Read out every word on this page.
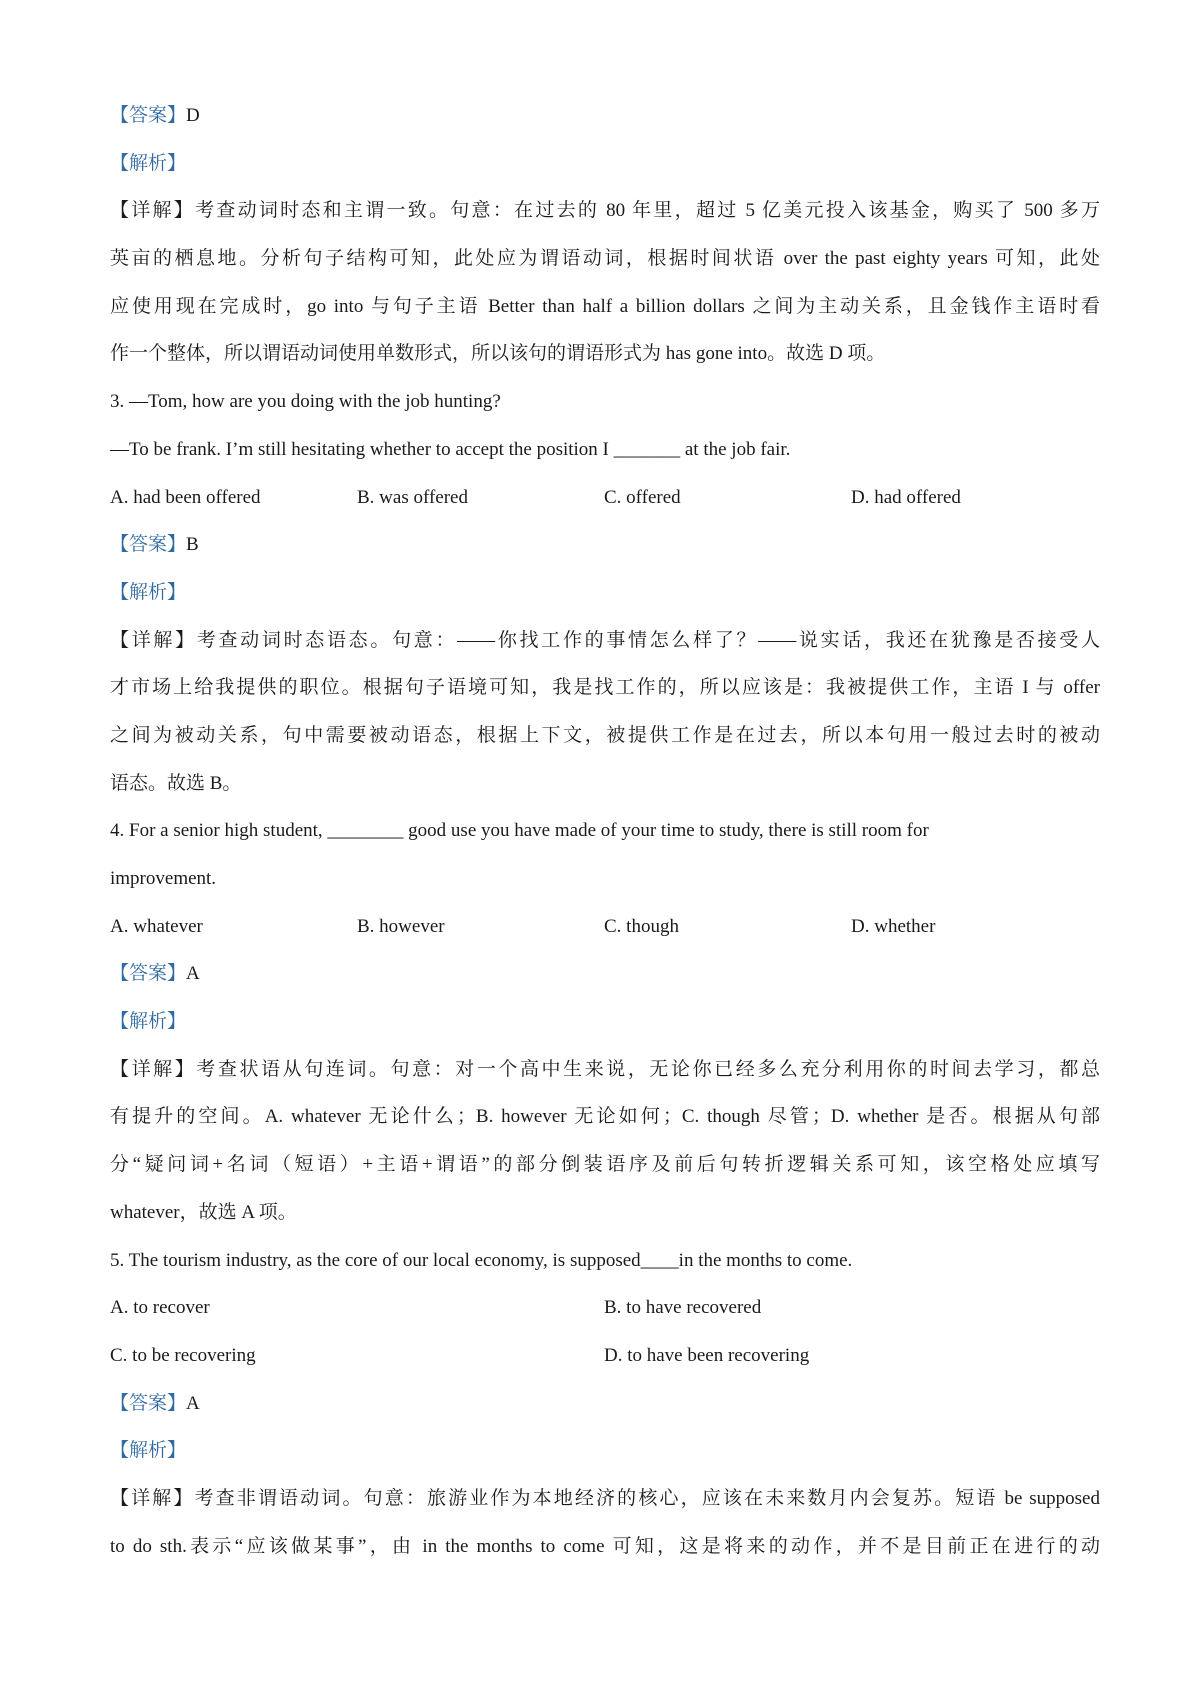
【答案】D
【解析】
【详解】考查动词时态和主谓一致。句意：在过去的 80 年里，超过 5 亿美元投入该基金，购买了 500 多万
英亩的栖息地。分析句子结构可知，此处应为谓语动词，根据时间状语 over the past eighty years 可知，此处
应使用现在完成时，go into 与句子主语 Better than half a billion dollars 之间为主动关系，且金钱作主语时看
作一个整体，所以谓语动词使用单数形式，所以该句的谓语形式为 has gone into。故选 D 项。
3. —Tom, how are you doing with the job hunting?
—To be frank. I’m still hesitating whether to accept the position I _______ at the job fair.
A. had been offered	B. was offered	C. offered	D. had offered
【答案】B
【解析】
【详解】考查动词时态语态。句意：——你找工作的事情怎么样了？——说实话，我还在犹豫是否接受人
才市场上给我提供的职位。根据句子语境可知，我是找工作的，所以应该是：我被提供工作，主语 I 与 offer
之间为被动关系，句中需要被动语态，根据上下文，被提供工作是在过去，所以本句用一般过去时的被动
语态。故选 B。
4. For a senior high student, ________ good use you have made of your time to study, there is still room for
improvement.
A. whatever	B. however	C. though	D. whether
【答案】A
【解析】
【详解】考查状语从句连词。句意：对一个高中生来说，无论你已经多么充分利用你的时间去学习，都总
有提升的空间。A. whatever 无论什么；B. however 无论如何；C. though 尽管；D. whether 是否。根据从句部
分“疑问词+名词（短语）+主语+谓语”的部分倒装语序及前后句转折逻辑关系可知，该空格处应填写
whatever，故选 A 项。
5. The tourism industry, as the core of our local economy, is supposed____in the months to come.
A. to recover	B. to have recovered
C. to be recovering	D. to have been recovering
【答案】A
【解析】
【详解】考查非谓语动词。句意：旅游业作为本地经济的核心，应该在未来数月内会复苏。短语 be supposed
to do sth.表示“应该做某事”，由 in the months to come 可知，这是将来的动作，并不是目前正在进行的动
